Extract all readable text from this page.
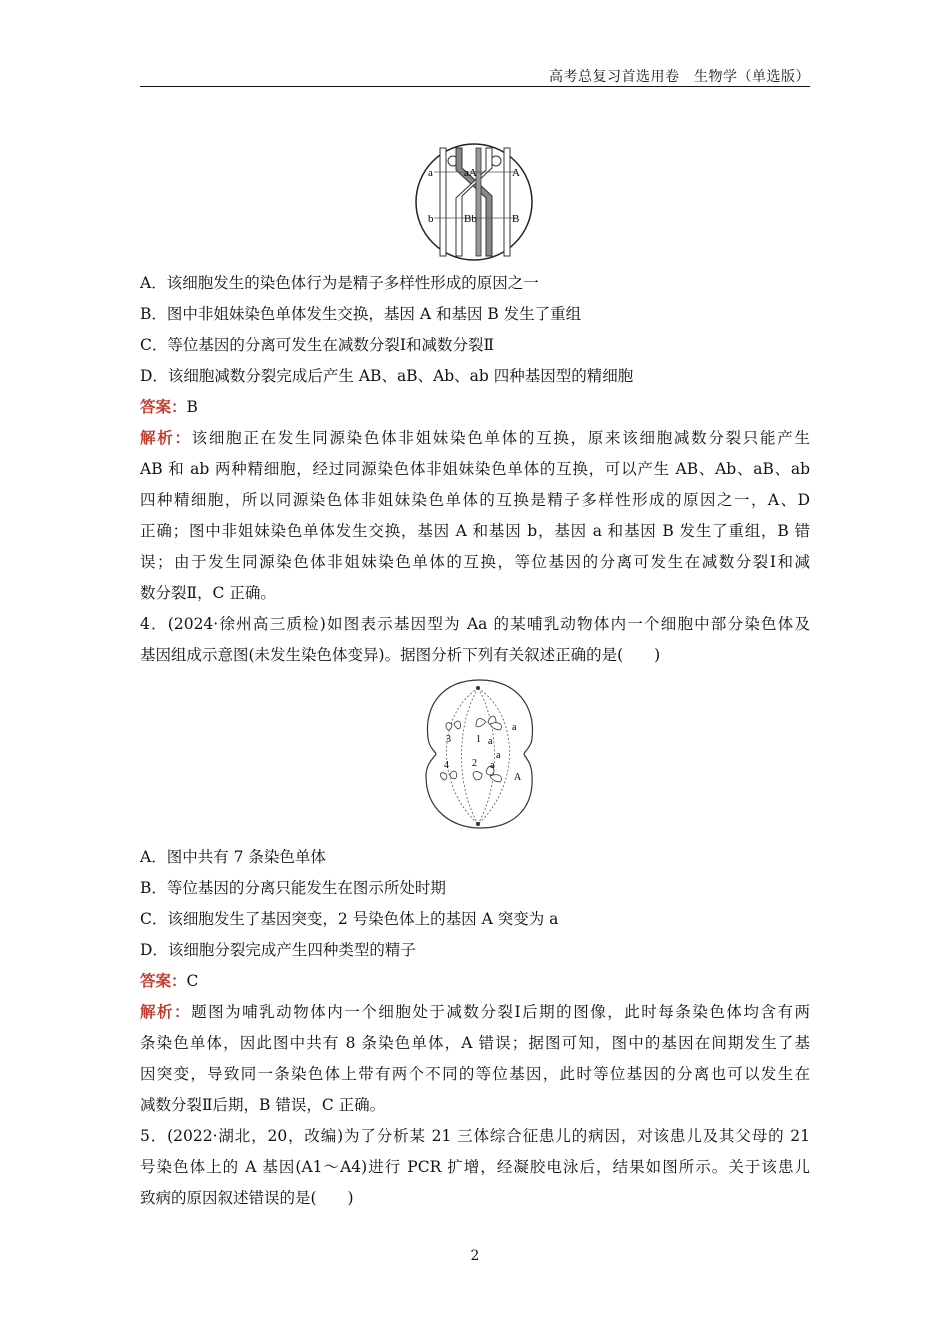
高考总复习首选用卷　生物学（单选版）
a	aA	A
b	Bb	B
A．该细胞发生的染色体行为是精子多样性形成的原因之一
B．图中非姐妹染色单体发生交换，基因 A 和基因 B 发生了重组
C．等位基因的分离可发生在减数分裂Ⅰ和减数分裂Ⅱ
D．该细胞减数分裂完成后产生 AB、aB、Ab、ab 四种基因型的精细胞
答案：B
解析：该细胞正在发生同源染色体非姐妹染色单体的互换，原来该细胞减数分裂只能产生
AB 和 ab 两种精细胞，经过同源染色体非姐妹染色单体的互换，可以产生 AB、Ab、aB、ab
四种精细胞，所以同源染色体非姐妹染色单体的互换是精子多样性形成的原因之一，A、D
正确；图中非姐妹染色单体发生交换，基因 A 和基因 b，基因 a 和基因 B 发生了重组，B 错
误；由于发生同源染色体非姐妹染色单体的互换，等位基因的分离可发生在减数分裂Ⅰ和减
数分裂Ⅱ，C 正确。
4．(2024·徐州高三质检)如图表示基因型为 Aa 的某哺乳动物体内一个细胞中部分染色体及
基因组成示意图(未发生染色体变异)。据图分析下列有关叙述正确的是(　　)
1
2
3
4
a
a
a
a
A
A．图中共有 7 条染色单体
B．等位基因的分离只能发生在图示所处时期
C．该细胞发生了基因突变，2 号染色体上的基因 A 突变为 a
D．该细胞分裂完成产生四种类型的精子
答案：C
解析：题图为哺乳动物体内一个细胞处于减数分裂Ⅰ后期的图像，此时每条染色体均含有两
条染色单体，因此图中共有 8 条染色单体，A 错误；据图可知，图中的基因在间期发生了基
因突变，导致同一条染色体上带有两个不同的等位基因，此时等位基因的分离也可以发生在
减数分裂Ⅱ后期，B 错误，C 正确。
5．(2022·湖北，20，改编)为了分析某 21 三体综合征患儿的病因，对该患儿及其父母的 21
号染色体上的 A 基因(A1～A4)进行 PCR 扩增，经凝胶电泳后，结果如图所示。关于该患儿
致病的原因叙述错误的是(　　)
2
